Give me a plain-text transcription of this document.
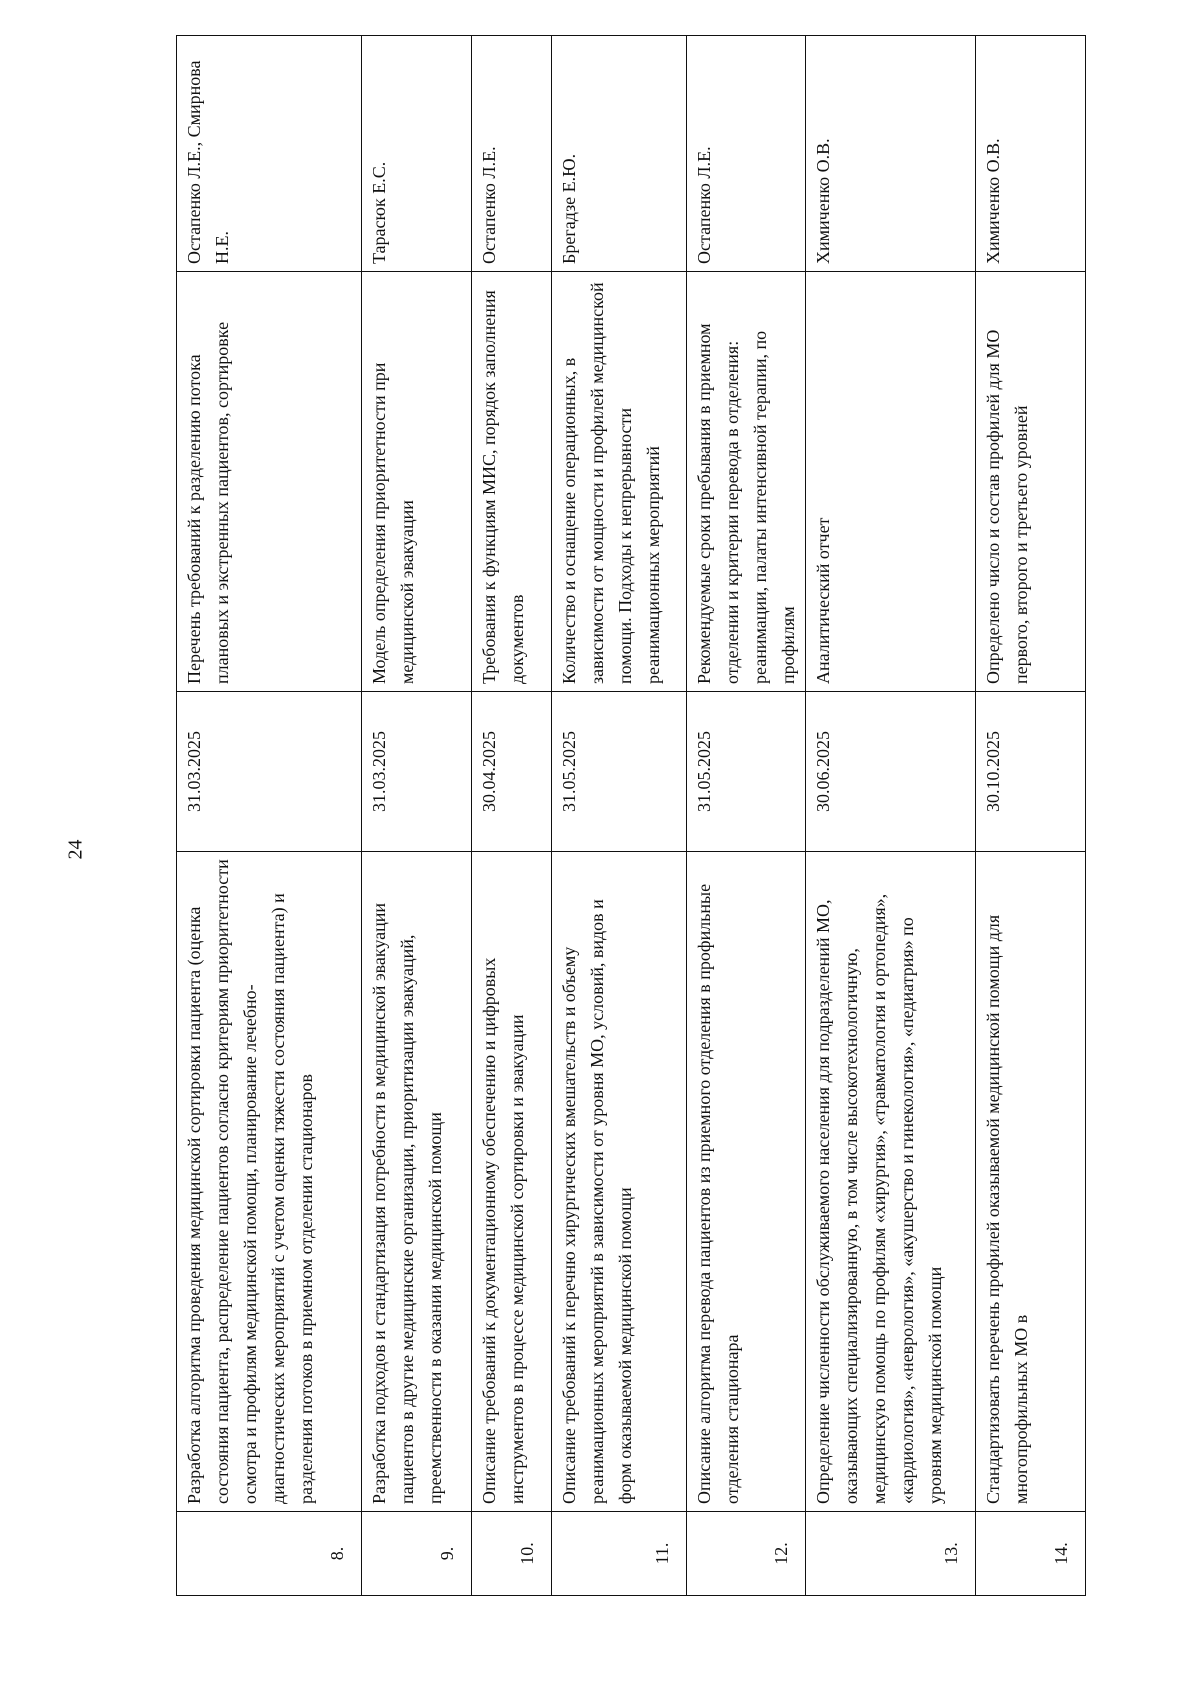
24
8.	Разработка алгоритма проведения медицинской сортировки пациента (оценка состояния пациента, распределение пациентов согласно критериям приоритетности осмотра и профилям медицинской помощи, планирование лечебно-диагностических мероприятий с учетом оценки тяжести состояния пациента) и разделения потоков в приемном отделении стационаров	31.03.2025	Перечень требований к разделению потока плановых и экстренных пациентов, сортировке	Остапенко Л.Е., Смирнова Н.Е.
9.	Разработка подходов и стандартизация потребности в медицинской эвакуации пациентов в другие медицинские организации, приоритизации эвакуаций, преемственности в оказании медицинской помощи	31.03.2025	Модель определения приоритетности при медицинской эвакуации	Тарасюк Е.С.
10.	Описание требований к документационному обеспечению и цифровых инструментов в процессе медицинской сортировки и эвакуации	30.04.2025	Требования к функциям МИС, порядок заполнения документов	Остапенко Л.Е.
11.	Описание требований к перечню хирургических вмешательств и объему реанимационных мероприятий в зависимости от уровня МО, условий, видов и форм оказываемой медицинской помощи	31.05.2025	Количество и оснащение операционных, в зависимости от мощности и профилей медицинской помощи. Подходы к непрерывности реанимационных мероприятий	Брегадзе Е.Ю.
12.	Описание алгоритма перевода пациентов из приемного отделения в профильные отделения стационара	31.05.2025	Рекомендуемые сроки пребывания в приемном отделении и критерии перевода в отделения: реанимации, палаты интенсивной терапии, по профилям	Остапенко Л.Е.
13.	Определение численности обслуживаемого населения для подразделений МО, оказывающих специализированную, в том числе высокотехнологичную, медицинскую помощь по профилям «хирургия», «травматология и ортопедия», «кардиология», «неврология», «акушерство и гинекология», «педиатрия» по уровням медицинской помощи	30.06.2025	Аналитический отчет	Химиченко О.В.
14.	Стандартизовать перечень профилей оказываемой медицинской помощи для многопрофильных МО в	30.10.2025	Определено число и состав профилей для МО первого, второго и третьего уровней	Химиченко О.В.
